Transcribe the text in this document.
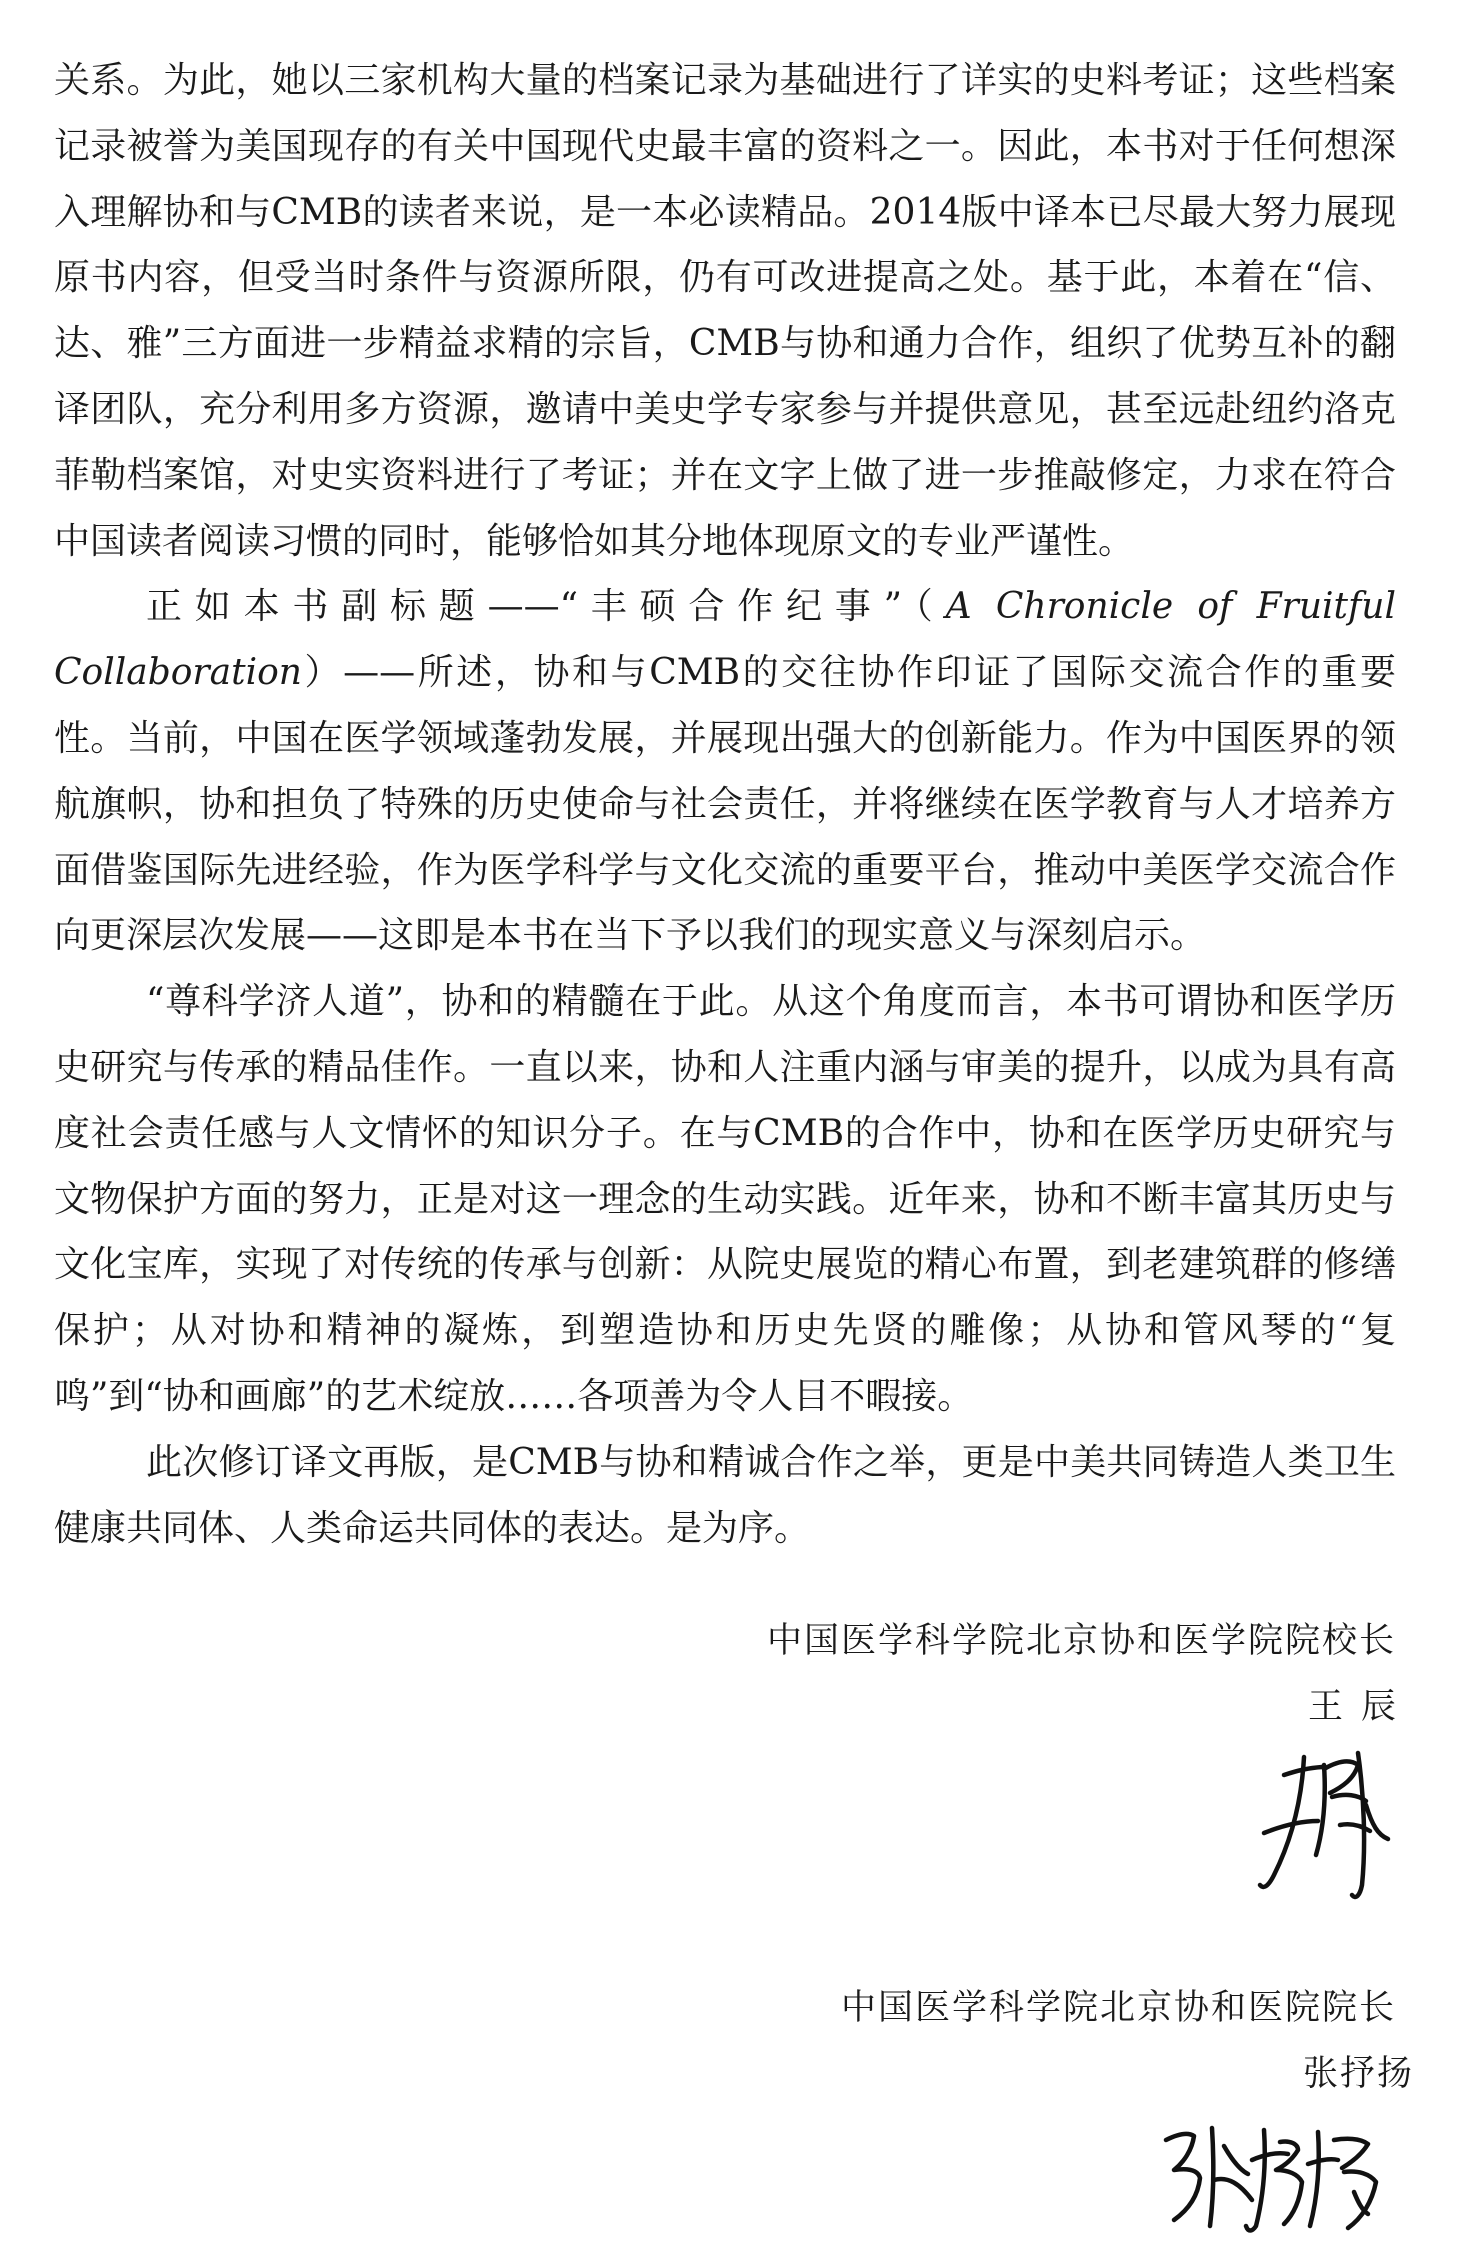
关系。为此，她以三家机构大量的档案记录为基础进行了详实的史料考证；这些档案记录被誉为美国现存的有关中国现代史最丰富的资料之一。因此，本书对于任何想深入理解协和与CMB的读者来说，是一本必读精品。2014版中译本已尽最大努力展现原书内容，但受当时条件与资源所限，仍有可改进提高之处。基于此，本着在“信、达、雅”三方面进一步精益求精的宗旨，CMB与协和通力合作，组织了优势互补的翻译团队，充分利用多方资源，邀请中美史学专家参与并提供意见，甚至远赴纽约洛克菲勒档案馆，对史实资料进行了考证；并在文字上做了进一步推敲修定，力求在符合中国读者阅读习惯的同时，能够恰如其分地体现原文的专业严谨性。

正如本书副标题——“丰硕合作纪事”（A Chronicle of Fruitful Collaboration）——所述，协和与CMB的交往协作印证了国际交流合作的重要性。当前，中国在医学领域蓬勃发展，并展现出强大的创新能力。作为中国医界的领航旗帜，协和担负了特殊的历史使命与社会责任，并将继续在医学教育与人才培养方面借鉴国际先进经验，作为医学科学与文化交流的重要平台，推动中美医学交流合作向更深层次发展——这即是本书在当下予以我们的现实意义与深刻启示。

“尊科学济人道”，协和的精髓在于此。从这个角度而言，本书可谓协和医学历史研究与传承的精品佳作。一直以来，协和人注重内涵与审美的提升，以成为具有高度社会责任感与人文情怀的知识分子。在与CMB的合作中，协和在医学历史研究与文物保护方面的努力，正是对这一理念的生动实践。近年来，协和不断丰富其历史与文化宝库，实现了对传统的传承与创新：从院史展览的精心布置，到老建筑群的修缮保护；从对协和精神的凝炼，到塑造协和历史先贤的雕像；从协和管风琴的“复鸣”到“协和画廊”的艺术绽放……各项善为令人目不暇接。

此次修订译文再版，是CMB与协和精诚合作之举，更是中美共同铸造人类卫生健康共同体、人类命运共同体的表达。是为序。

中国医学科学院北京协和医学院院校长
王辰
中国医学科学院北京协和医院院长
张抒扬
